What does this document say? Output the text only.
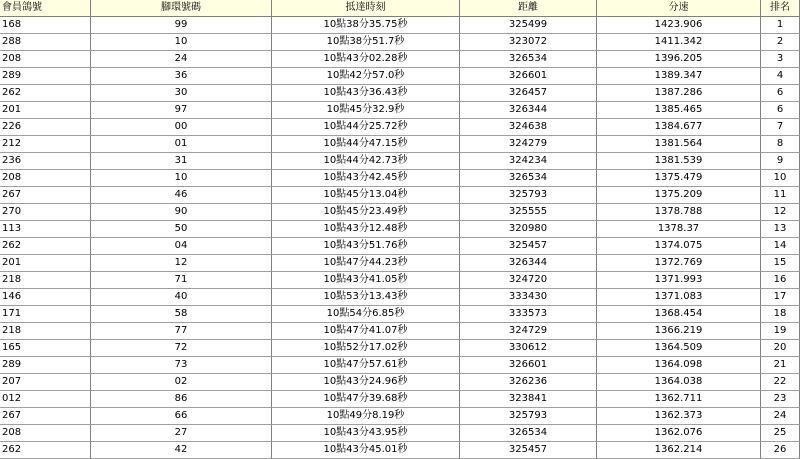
會員鴿號	腳環號碼	抵達時刻	距離	分速	排名
168	99	10點38分35.75秒	325499	1423.906	1
288	10	10點38分51.7秒	323072	1411.342	2
208	24	10點43分02.28秒	326534	1396.205	3
289	36	10點42分57.0秒	326601	1389.347	4
262	30	10點43分36.43秒	326457	1387.286	6
201	97	10點45分32.9秒	326344	1385.465	6
226	00	10點44分25.72秒	324638	1384.677	7
212	01	10點44分47.15秒	324279	1381.564	8
236	31	10點44分42.73秒	324234	1381.539	9
208	10	10點43分42.45秒	326534	1375.479	10
267	46	10點45分13.04秒	325793	1375.209	11
270	90	10點45分23.49秒	325555	1378.788	12
113	50	10點43分12.48秒	320980	1378.37	13
262	04	10點43分51.76秒	325457	1374.075	14
201	12	10點47分44.23秒	326344	1372.769	15
218	71	10點43分41.05秒	324720	1371.993	16
146	40	10點53分13.43秒	333430	1371.083	17
171	58	10點54分6.85秒	333573	1368.454	18
218	77	10點47分41.07秒	324729	1366.219	19
165	72	10點52分17.02秒	330612	1364.509	20
289	73	10點47分57.61秒	326601	1364.098	21
207	02	10點43分24.96秒	326236	1364.038	22
012	86	10點47分39.68秒	323841	1362.711	23
267	66	10點49分8.19秒	325793	1362.373	24
208	27	10點43分43.95秒	326534	1362.076	25
262	42	10點43分45.01秒	325457	1362.214	26
